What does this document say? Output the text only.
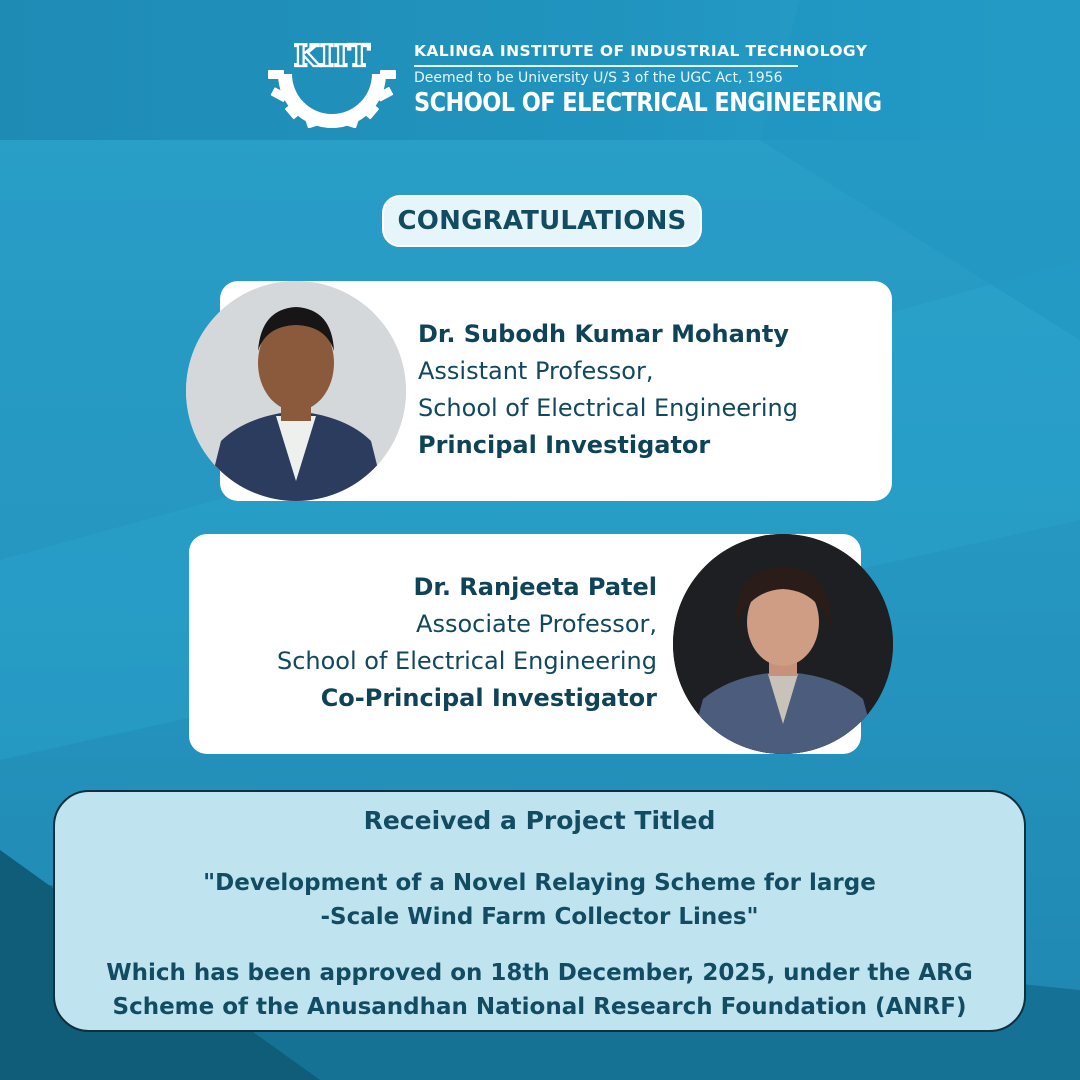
KIIT	KALINGA INSTITUTE OF INDUSTRIAL TECHNOLOGY
Deemed to be University U/S 3 of the UGC Act, 1956
SCHOOL OF ELECTRICAL ENGINEERING
CONGRATULATIONS
Dr. Subodh Kumar Mohanty
Assistant Professor,
School of Electrical Engineering
Principal Investigator
Dr. Ranjeeta Patel
Associate Professor,
School of Electrical Engineering
Co-Principal Investigator
Received a Project Titled
"Development of a Novel Relaying Scheme for large
-Scale Wind Farm Collector Lines"
Which has been approved on 18th December, 2025, under the ARG
Scheme of the Anusandhan National Research Foundation (ANRF)
